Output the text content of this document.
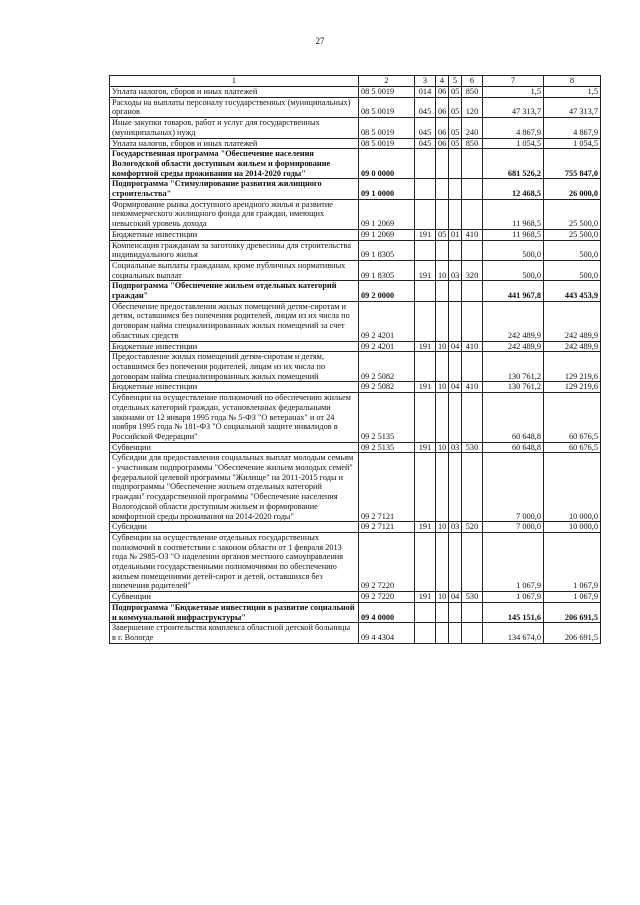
27
1	2	3	4	5	6	7	8
Уплата налогов, сборов и иных платежей	08 5 0019	014	06	05	850	1,5	1,5
Расходы на выплаты персоналу государственных (муниципальных) органов	08 5 0019	045	06	05	120	47 313,7	47 313,7
Иные закупки товаров, работ и услуг для государственных (муниципальных) нужд	08 5 0019	045	06	05	240	4 867,9	4 867,9
Уплата налогов, сборов и иных платежей	08 5 0019	045	06	05	850	1 054,5	1 054,5
Государственная программа "Обеспечение населения Вологодской области доступным жильем и формирование комфортной среды проживания на 2014-2020 годы"	09 0 0000					681 526,2	755 847,0
Подпрограмма "Стимулирование развития жилищного строительства"	09 1 0000					12 468,5	26 000,0
Формирование рынка доступного арендного жилья и развитие некоммерческого жилищного фонда для граждан, имеющих невысокий уровень дохода	09 1 2069					11 968,5	25 500,0
Бюджетные инвестиции	09 1 2069	191	05	01	410	11 968,5	25 500,0
Компенсация гражданам за заготовку древесины для строительства индивидуального жилья	09 1 8305					500,0	500,0
Социальные выплаты гражданам, кроме публичных нормативных социальных выплат	09 1 8305	191	10	03	320	500,0	500,0
Подпрограмма "Обеспечение жильем отдельных категорий граждан"	09 2 0000					441 967,8	443 453,9
Обеспечение предоставления жилых помещений детям-сиротам и детям, оставшимся без попечения родителей, лицам из их числа по договорам найма специализированных жилых помещений за счет областных средств	09 2 4201					242 489,9	242 489,9
Бюджетные инвестиции	09 2 4201	191	10	04	410	242 489,9	242 489,9
Предоставление жилых помещений детям-сиротам и детям, оставшимся без попечения родителей, лицам из их числа по договорам найма специализированных жилых помещений	09 2 5082					130 761,2	129 219,6
Бюджетные инвестиции	09 2 5082	191	10	04	410	130 761,2	129 219,6
Субвенции на осуществление полномочий по обеспечению жильем отдельных категорий граждан, установленных федеральными законами от 12 января 1995 года № 5-ФЗ "О ветеранах" и от 24 ноября 1995 года № 181-ФЗ "О социальной защите инвалидов в Российской Федерации"	09 2 5135					60 648,8	60 676,5
Субвенции	09 2 5135	191	10	03	530	60 648,8	60 676,5
Субсидии для предоставления социальных выплат молодым семьям - участникам подпрограммы "Обеспечение жильем молодых семей" федеральной целевой программы "Жилище" на 2011-2015 годы и подпрограммы "Обеспечение жильем отдельных категорий граждан" государственной программы "Обеспечение населения Вологодской области доступным жильем и формирование комфортной среды проживания на 2014-2020 годы"	09 2 7121					7 000,0	10 000,0
Субсидии	09 2 7121	191	10	03	520	7 000,0	10 000,0
Субвенции на осуществление отдельных государственных полномочий в соответствии с законом области от 1 февраля 2013 года № 2985-ОЗ "О наделении органов местного самоуправления отдельными государственными полномочиями по обеспечению жильем помещениями детей-сирот и детей, оставшихся без попечения родителей"	09 2 7220					1 067,9	1 067,9
Субвенции	09 2 7220	191	10	04	530	1 067,9	1 067,9
Подпрограмма "Бюджетные инвестиции в развитие социальной и коммунальной инфраструктуры"	09 4 0000					145 151,6	206 691,5
Завершение строительства комплекса областной детской больницы в г. Вологде	09 4 4304					134 674,0	206 691,5
